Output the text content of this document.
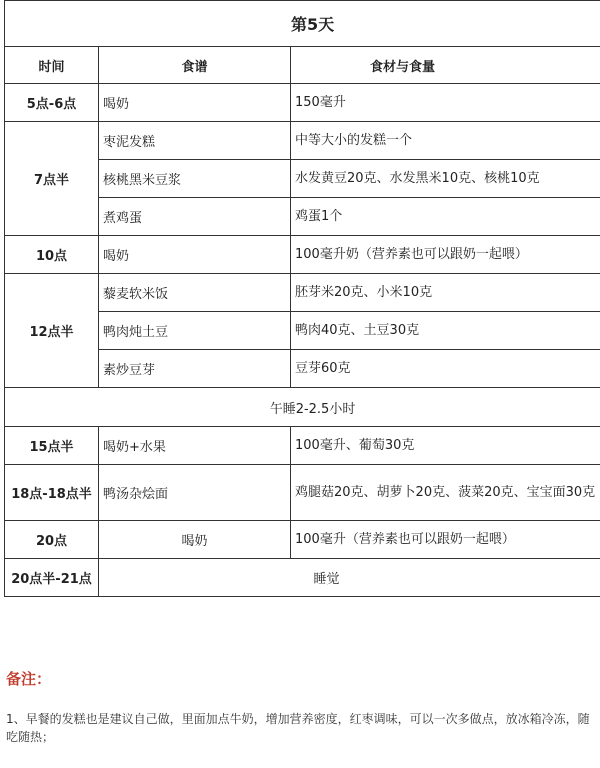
第5天		
时间	食谱	食材与食量
5点-6点	喝奶	150毫升
7点半	枣泥发糕	中等大小的发糕一个
	核桃黑米豆浆	水发黄豆20克、水发黑米10克、核桃10克
	煮鸡蛋	鸡蛋1个
10点	喝奶	100毫升奶（营养素也可以跟奶一起喂）
12点半	藜麦软米饭	胚芽米20克、小米10克
	鸭肉炖土豆	鸭肉40克、土豆30克
	素炒豆芽	豆芽60克
午睡2-2.5小时		
15点半	喝奶+水果	100毫升、葡萄30克
18点-18点半	鸭汤杂烩面	鸡腿菇20克、胡萝卜20克、菠菜20克、宝宝面30克
20点	喝奶	100毫升（营养素也可以跟奶一起喂）
20点半-21点	睡觉	

备注：

1、早餐的发糕也是建议自己做，里面加点牛奶，增加营养密度，红枣调味，可以一次多做点，放冰箱冷冻，随吃随热；
